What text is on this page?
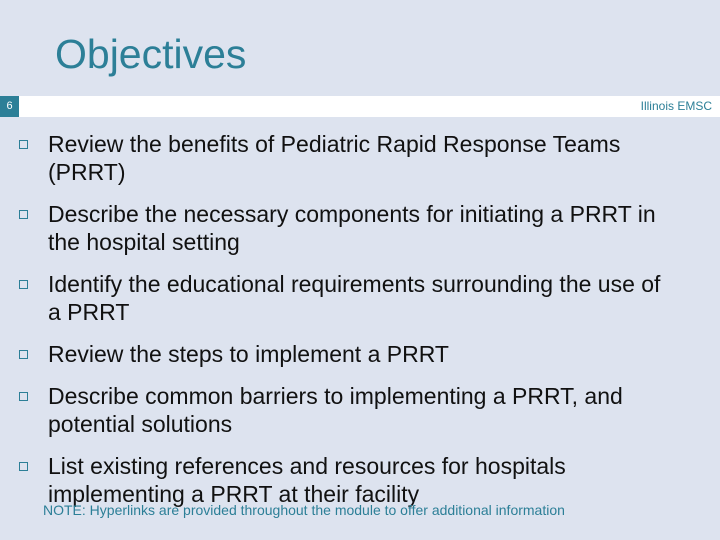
Objectives
6	Illinois EMSC
Review the benefits of Pediatric Rapid Response Teams (PRRT)
Describe the necessary components for initiating a PRRT in the hospital setting
Identify the educational requirements surrounding the use of a PRRT
Review the steps to implement a PRRT
Describe common barriers to implementing a PRRT, and potential solutions
List existing references and resources for hospitals implementing a PRRT at their facility
NOTE: Hyperlinks are provided throughout the module to offer additional information
